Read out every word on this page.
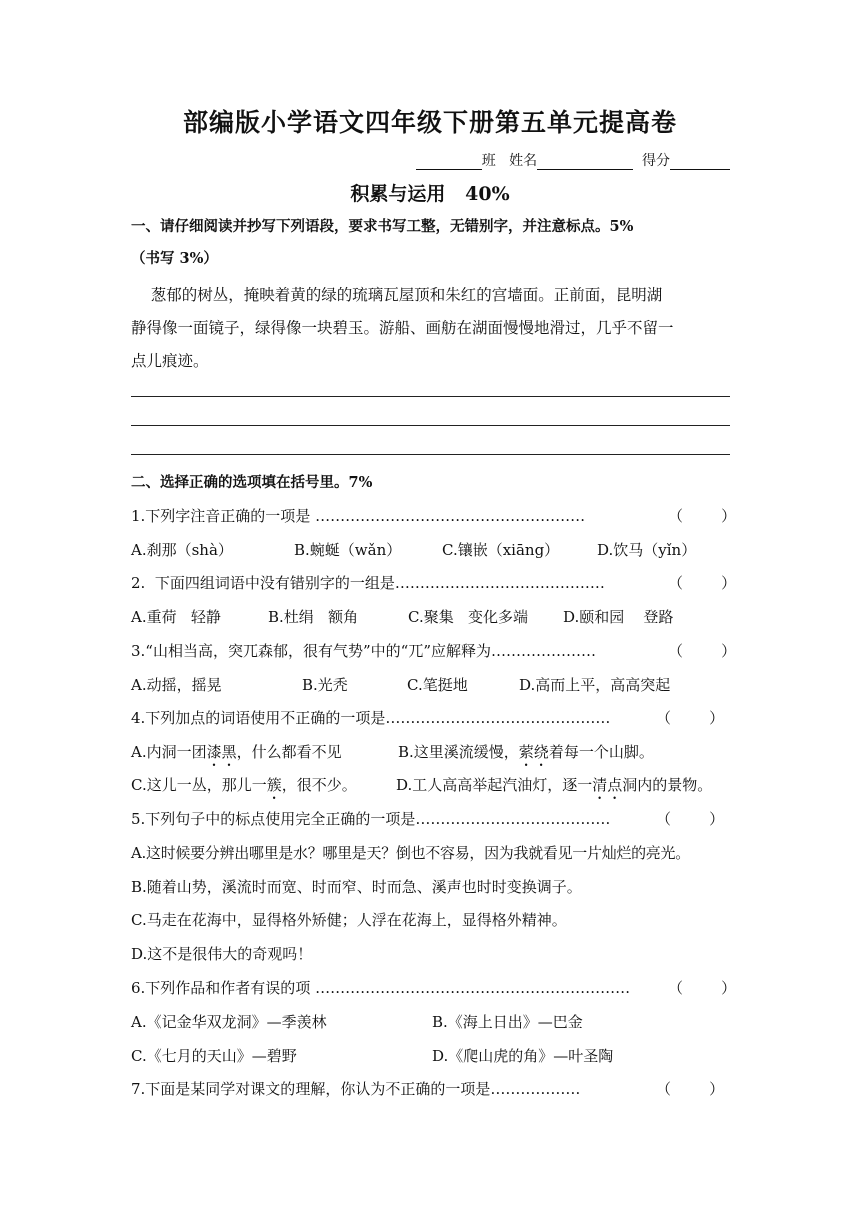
部编版小学语文四年级下册第五单元提高卷
班 姓名	得分
积累与运用   40%
一、请仔细阅读并抄写下列语段，要求书写工整，无错别字，并注意标点。5%
（书写 3%）
葱郁的树丛，掩映着黄的绿的琉璃瓦屋顶和朱红的宫墙面。正前面，昆明湖
静得像一面镜子，绿得像一块碧玉。游船、画舫在湖面慢慢地滑过，几乎不留一
点儿痕迹。
二、选择正确的选项填在括号里。7%
1.下列字注音正确的一项是 ………………………………………………	（        ）
A.刹那（shà）	B.蜿蜒（wǎn）	C.镶嵌（xiāng）	D.饮马（yǐn）
2.  下面四组词语中没有错别字的一组是……………………………………	（        ）
A.重荷   轻静	B.杜绢   额角	C.聚集   变化多端 D.颐和园    登路
3.“山相当高，突兀森郁，很有气势”中的“兀”应解释为…………………	（        ）
A.动摇，摇晃	B.光秃	C.笔挺地	D.高而上平，高高突起
4.下列加点的词语使用不正确的一项是………………………………………	（        ）
A.内洞一团漆黑，什么都看不见	B.这里溪流缓慢，萦绕着每一个山脚。
C.这儿一丛，那儿一簇，很不少。	D.工人高高举起汽油灯，逐一清点洞内的景物。
5.下列句子中的标点使用完全正确的一项是…………………………………	（        ）
A.这时候要分辨出哪里是水？哪里是天？倒也不容易，因为我就看见一片灿烂的亮光。
B.随着山势，溪流时而宽、时而窄、时而急、溪声也时时变换调子。
C.马走在花海中，显得格外矫健；人浮在花海上，显得格外精神。
D.这不是很伟大的奇观吗！
6.下列作品和作者有误的项 ………………………………………………………	（        ）
A.《记金华双龙洞》—季羡林	B.《海上日出》—巴金
C.《七月的天山》—碧野	D.《爬山虎的角》—叶圣陶
7.下面是某同学对课文的理解，你认为不正确的一项是………………	（        ）
